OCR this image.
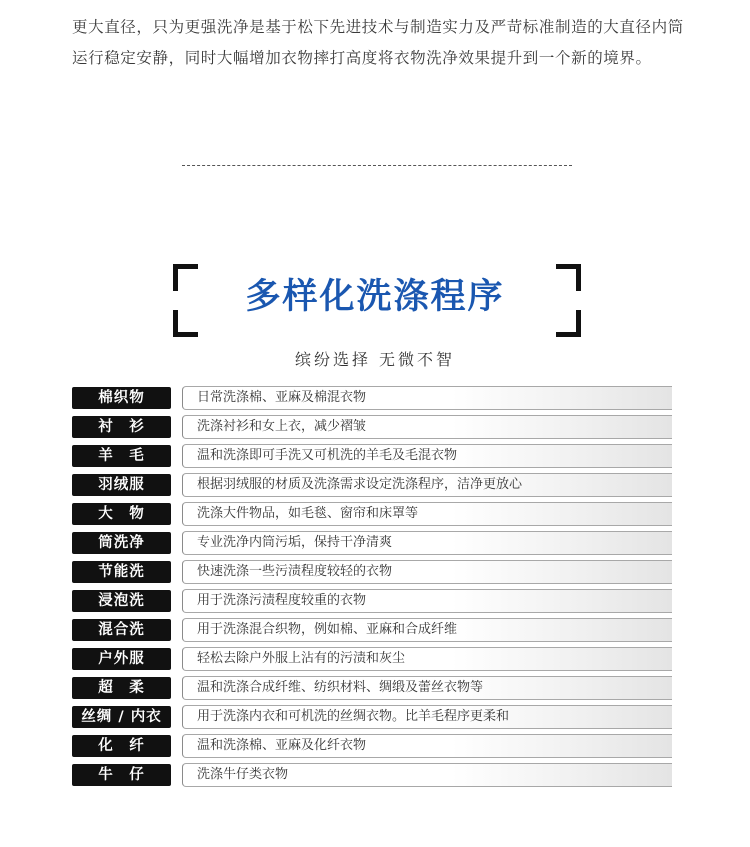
更大直径，只为更强洗净是基于松下先进技术与制造实力及严苛标准制造的大直径内筒运行稳定安静，同时大幅增加衣物摔打高度将衣物洗净效果提升到一个新的境界。

多样化洗涤程序
缤纷选择 无微不智
棉织物	日常洗涤棉、亚麻及棉混衣物
衬　衫	洗涤衬衫和女上衣，减少褶皱
羊　毛	温和洗涤即可手洗又可机洗的羊毛及毛混衣物
羽绒服	根据羽绒服的材质及洗涤需求设定洗涤程序，洁净更放心
大　物	洗涤大件物品，如毛毯、窗帘和床罩等
筒洗净	专业洗净内筒污垢，保持干净清爽
节能洗	快速洗涤一些污渍程度较轻的衣物
浸泡洗	用于洗涤污渍程度较重的衣物
混合洗	用于洗涤混合织物，例如棉、亚麻和合成纤维
户外服	轻松去除户外服上沾有的污渍和灰尘
超　柔	温和洗涤合成纤维、纺织材料、绸缎及蕾丝衣物等
丝绸 / 内衣	用于洗涤内衣和可机洗的丝绸衣物。比羊毛程序更柔和
化　纤	温和洗涤棉、亚麻及化纤衣物
牛　仔	洗涤牛仔类衣物
